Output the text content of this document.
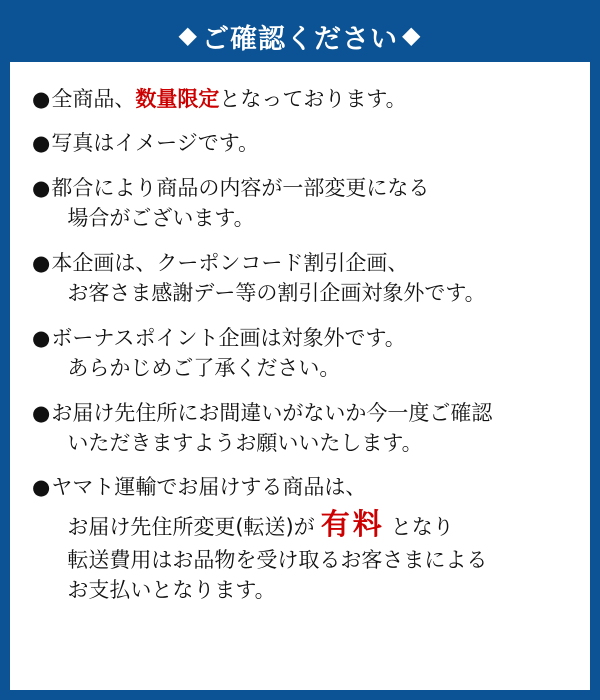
◆ ご確認ください ◆
● 全商品、数量限定となっております。
● 写真はイメージです。
● 都合により商品の内容が一部変更になる
場合がございます。
● 本企画は、クーポンコード割引企画、
お客さま感謝デー等の割引企画対象外です。
● ボーナスポイント企画は対象外です。
あらかじめご了承ください。
● お届け先住所にお間違いがないか今一度ご確認
いただきますようお願いいたします。
● ヤマト運輸でお届けする商品は、
お届け先住所変更(転送)が 有料 となり
転送費用はお品物を受け取るお客さまによる
お支払いとなります。
